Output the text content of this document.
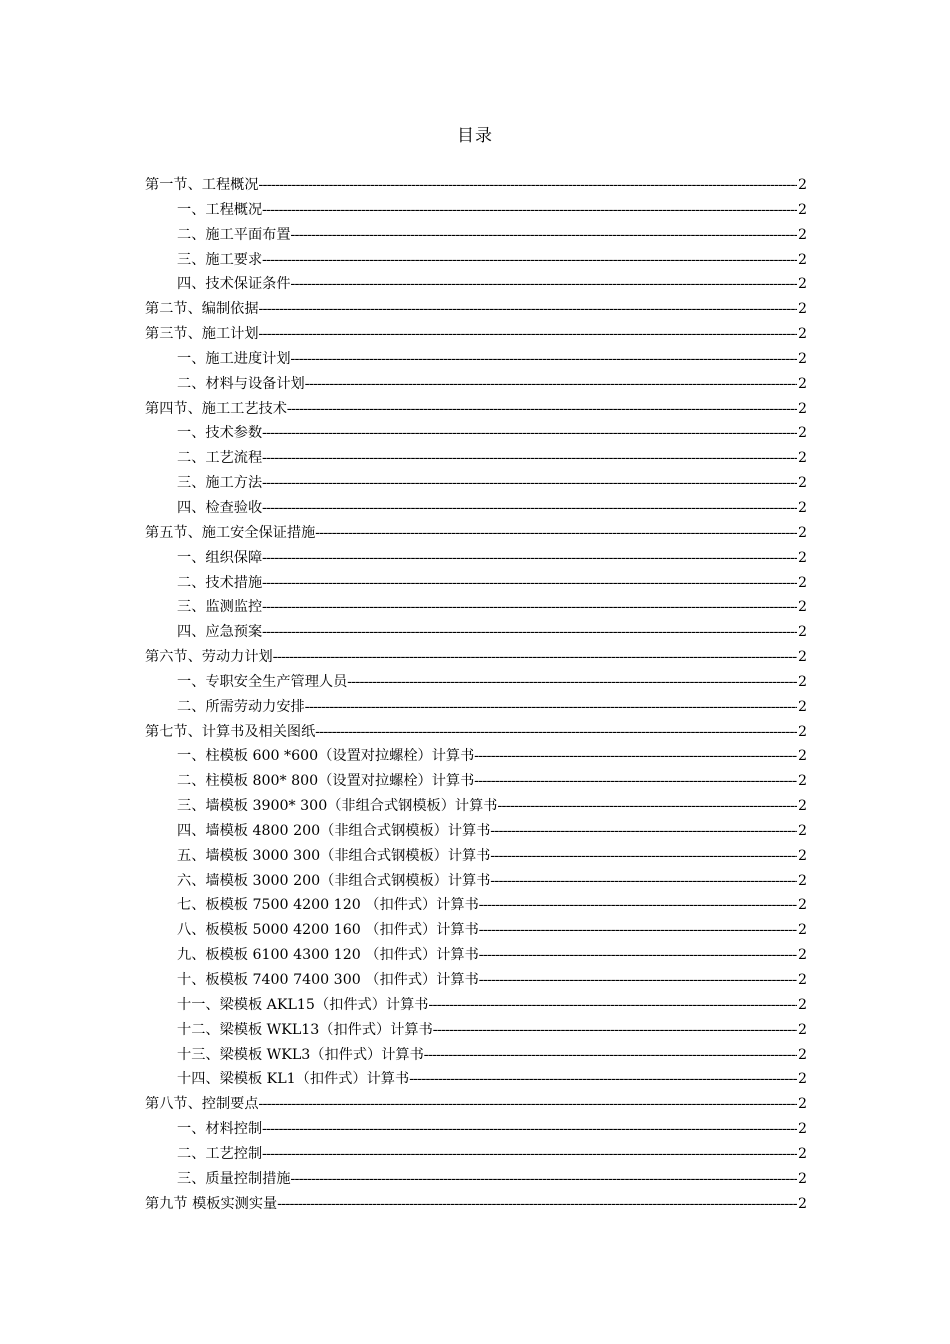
目录
第一节、工程概况 -----	2
一、工程概况 -----	2
二、施工平面布置 -----	2
三、施工要求 -----	2
四、技术保证条件 -----	2
第二节、编制依据 -----	2
第三节、施工计划 -----	2
一、施工进度计划 -----	2
二、材料与设备计划 -----	2
第四节、施工工艺技术 -----	2
一、技术参数 -----	2
二、工艺流程 -----	2
三、施工方法 -----	2
四、检查验收 -----	2
第五节、施工安全保证措施 -----	2
一、组织保障 -----	2
二、技术措施 -----	2
三、监测监控 -----	2
四、应急预案 -----	2
第六节、劳动力计划 -----	2
一、专职安全生产管理人员 -----	2
二、所需劳动力安排 -----	2
第七节、计算书及相关图纸 -----	2
一、柱模板 600 *600（设置对拉螺栓）计算书 -----	2
二、柱模板 800* 800（设置对拉螺栓）计算书 -----	2
三、墙模板 3900* 300（非组合式钢模板）计算书 -----	2
四、墙模板 4800 200（非组合式钢模板）计算书 -----	2
五、墙模板 3000 300（非组合式钢模板）计算书 -----	2
六、墙模板 3000 200（非组合式钢模板）计算书 -----	2
七、板模板 7500 4200 120 （扣件式）计算书 -----	2
八、板模板 5000 4200 160 （扣件式）计算书 -----	2
九、板模板 6100 4300 120 （扣件式）计算书 -----	2
十、板模板 7400 7400 300 （扣件式）计算书 -----	2
十一、梁模板 AKL15（扣件式）计算书 -----	2
十二、梁模板 WKL13（扣件式）计算书 -----	2
十三、梁模板 WKL3（扣件式）计算书 -----	2
十四、梁模板 KL1（扣件式）计算书 -----	2
第八节、控制要点 -----	2
一、材料控制 -----	2
二、工艺控制 -----	2
三、质量控制措施 -----	2
第九节 模板实测实量 -----	2
